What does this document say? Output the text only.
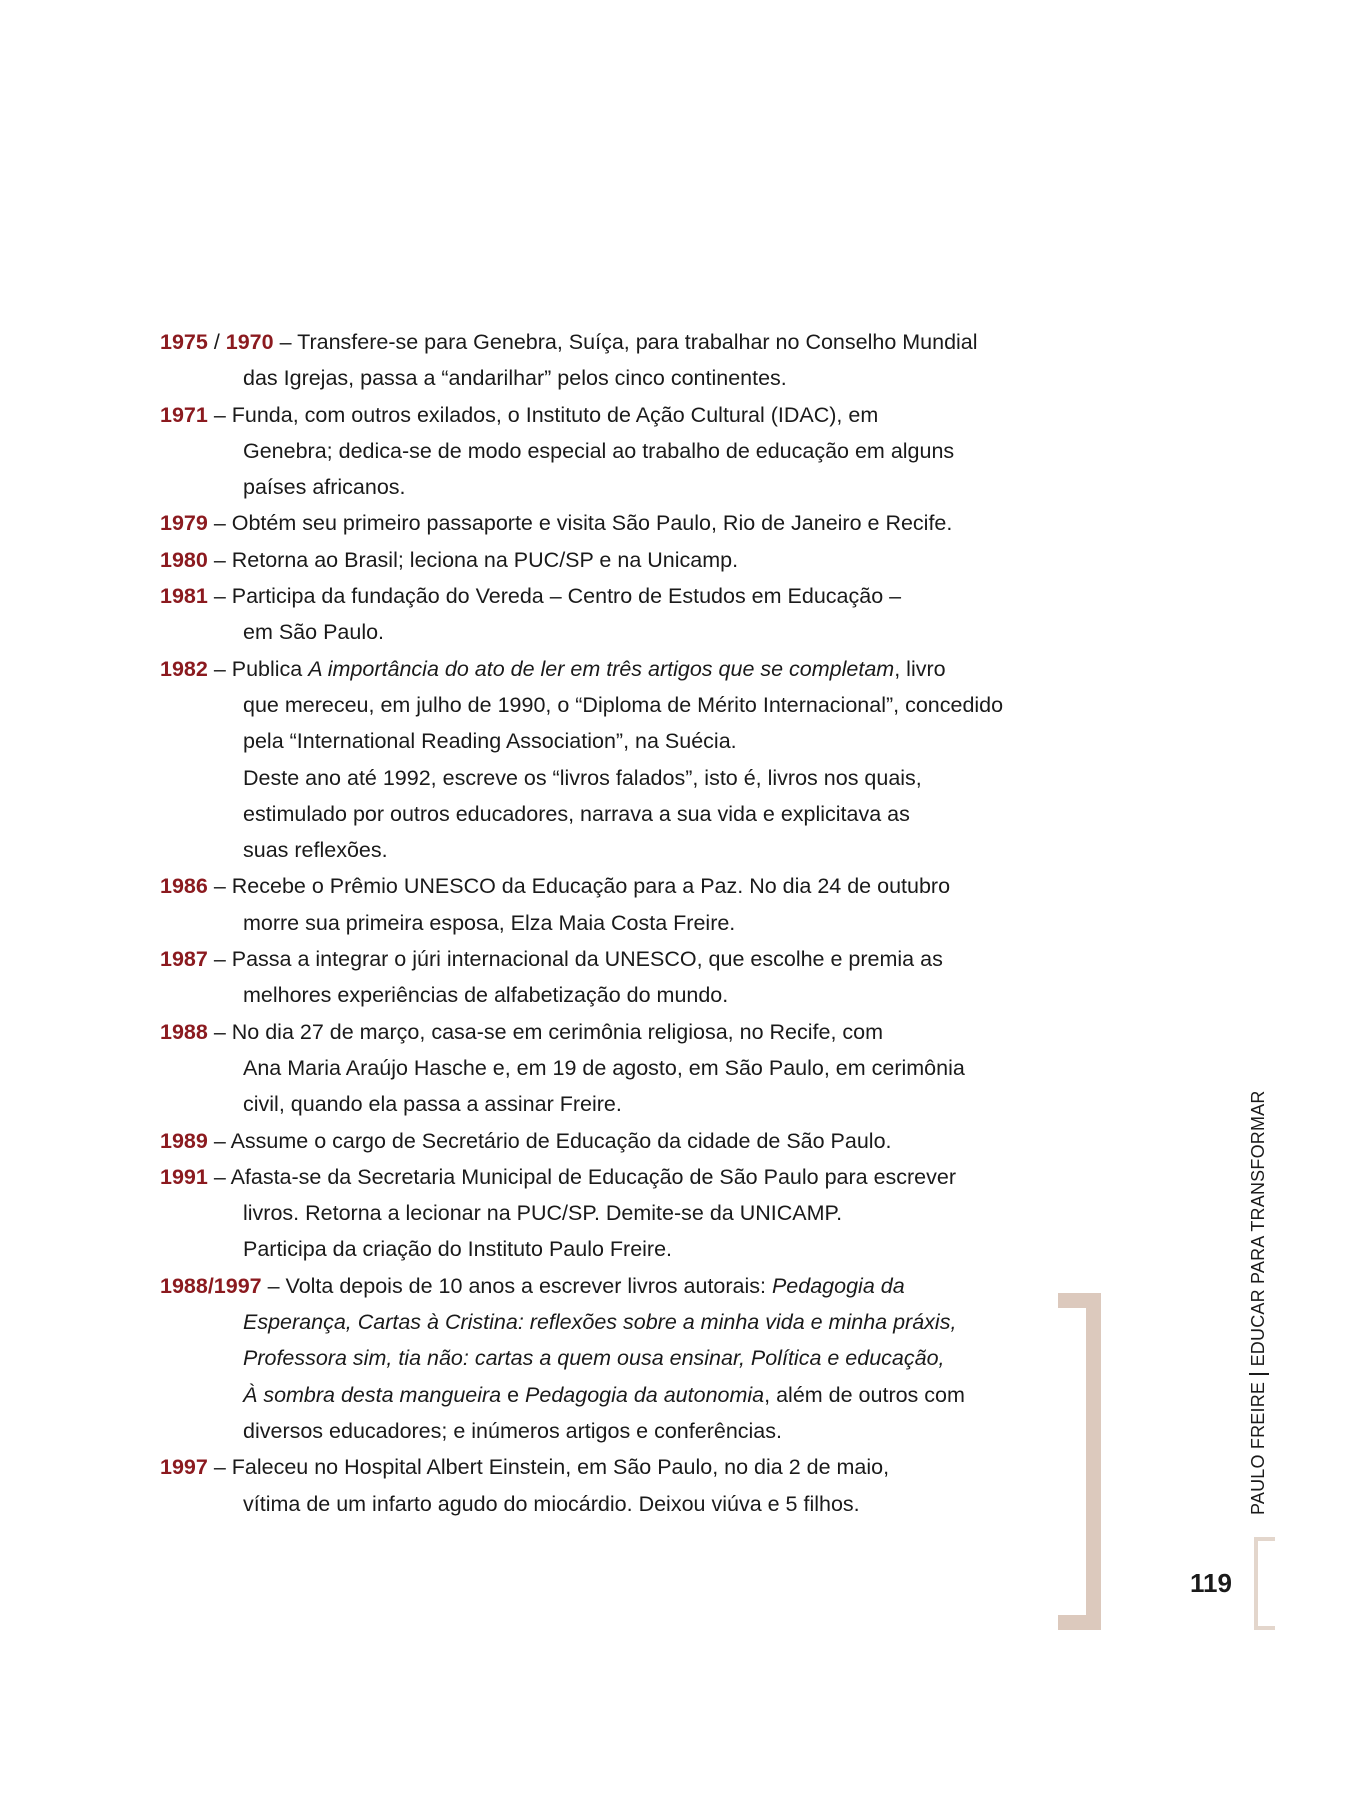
1975 / 1970 – Transfere-se para Genebra, Suíça, para trabalhar no Conselho Mundial
das Igrejas, passa a “andarilhar” pelos cinco continentes.

1971 – Funda, com outros exilados, o Instituto de Ação Cultural (IDAC), em
Genebra; dedica-se de modo especial ao trabalho de educação em alguns
países africanos.

1979 – Obtém seu primeiro passaporte e visita São Paulo, Rio de Janeiro e Recife.

1980 – Retorna ao Brasil; leciona na PUC/SP e na Unicamp.

1981 – Participa da fundação do Vereda – Centro de Estudos em Educação –
em São Paulo.

1982 – Publica A importância do ato de ler em três artigos que se completam, livro
que mereceu, em julho de 1990, o “Diploma de Mérito Internacional”, concedido
pela “International Reading Association”, na Suécia.
Deste ano até 1992, escreve os “livros falados”, isto é, livros nos quais,
estimulado por outros educadores, narrava a sua vida e explicitava as
suas reflexões.

1986 – Recebe o Prêmio UNESCO da Educação para a Paz. No dia 24 de outubro
morre sua primeira esposa, Elza Maia Costa Freire.

1987 – Passa a integrar o júri internacional da UNESCO, que escolhe e premia as
melhores experiências de alfabetização do mundo.

1988 – No dia 27 de março, casa-se em cerimônia religiosa, no Recife, com
Ana Maria Araújo Hasche e, em 19 de agosto, em São Paulo, em cerimônia
civil, quando ela passa a assinar Freire.

1989 – Assume o cargo de Secretário de Educação da cidade de São Paulo.

1991 – Afasta-se da Secretaria Municipal de Educação de São Paulo para escrever
livros. Retorna a lecionar na PUC/SP. Demite-se da UNICAMP.
Participa da criação do Instituto Paulo Freire.

1988/1997 – Volta depois de 10 anos a escrever livros autorais: Pedagogia da
Esperança, Cartas à Cristina: reflexões sobre a minha vida e minha práxis,
Professora sim, tia não: cartas a quem ousa ensinar, Política e educação,
À sombra desta mangueira e Pedagogia da autonomia, além de outros com
diversos educadores; e inúmeros artigos e conferências.

1997 – Faleceu no Hospital Albert Einstein, em São Paulo, no dia 2 de maio,
vítima de um infarto agudo do miocárdio. Deixou viúva e 5 filhos.	PAULO FREIREEDUCAR PARA TRANSFORMAR
119
